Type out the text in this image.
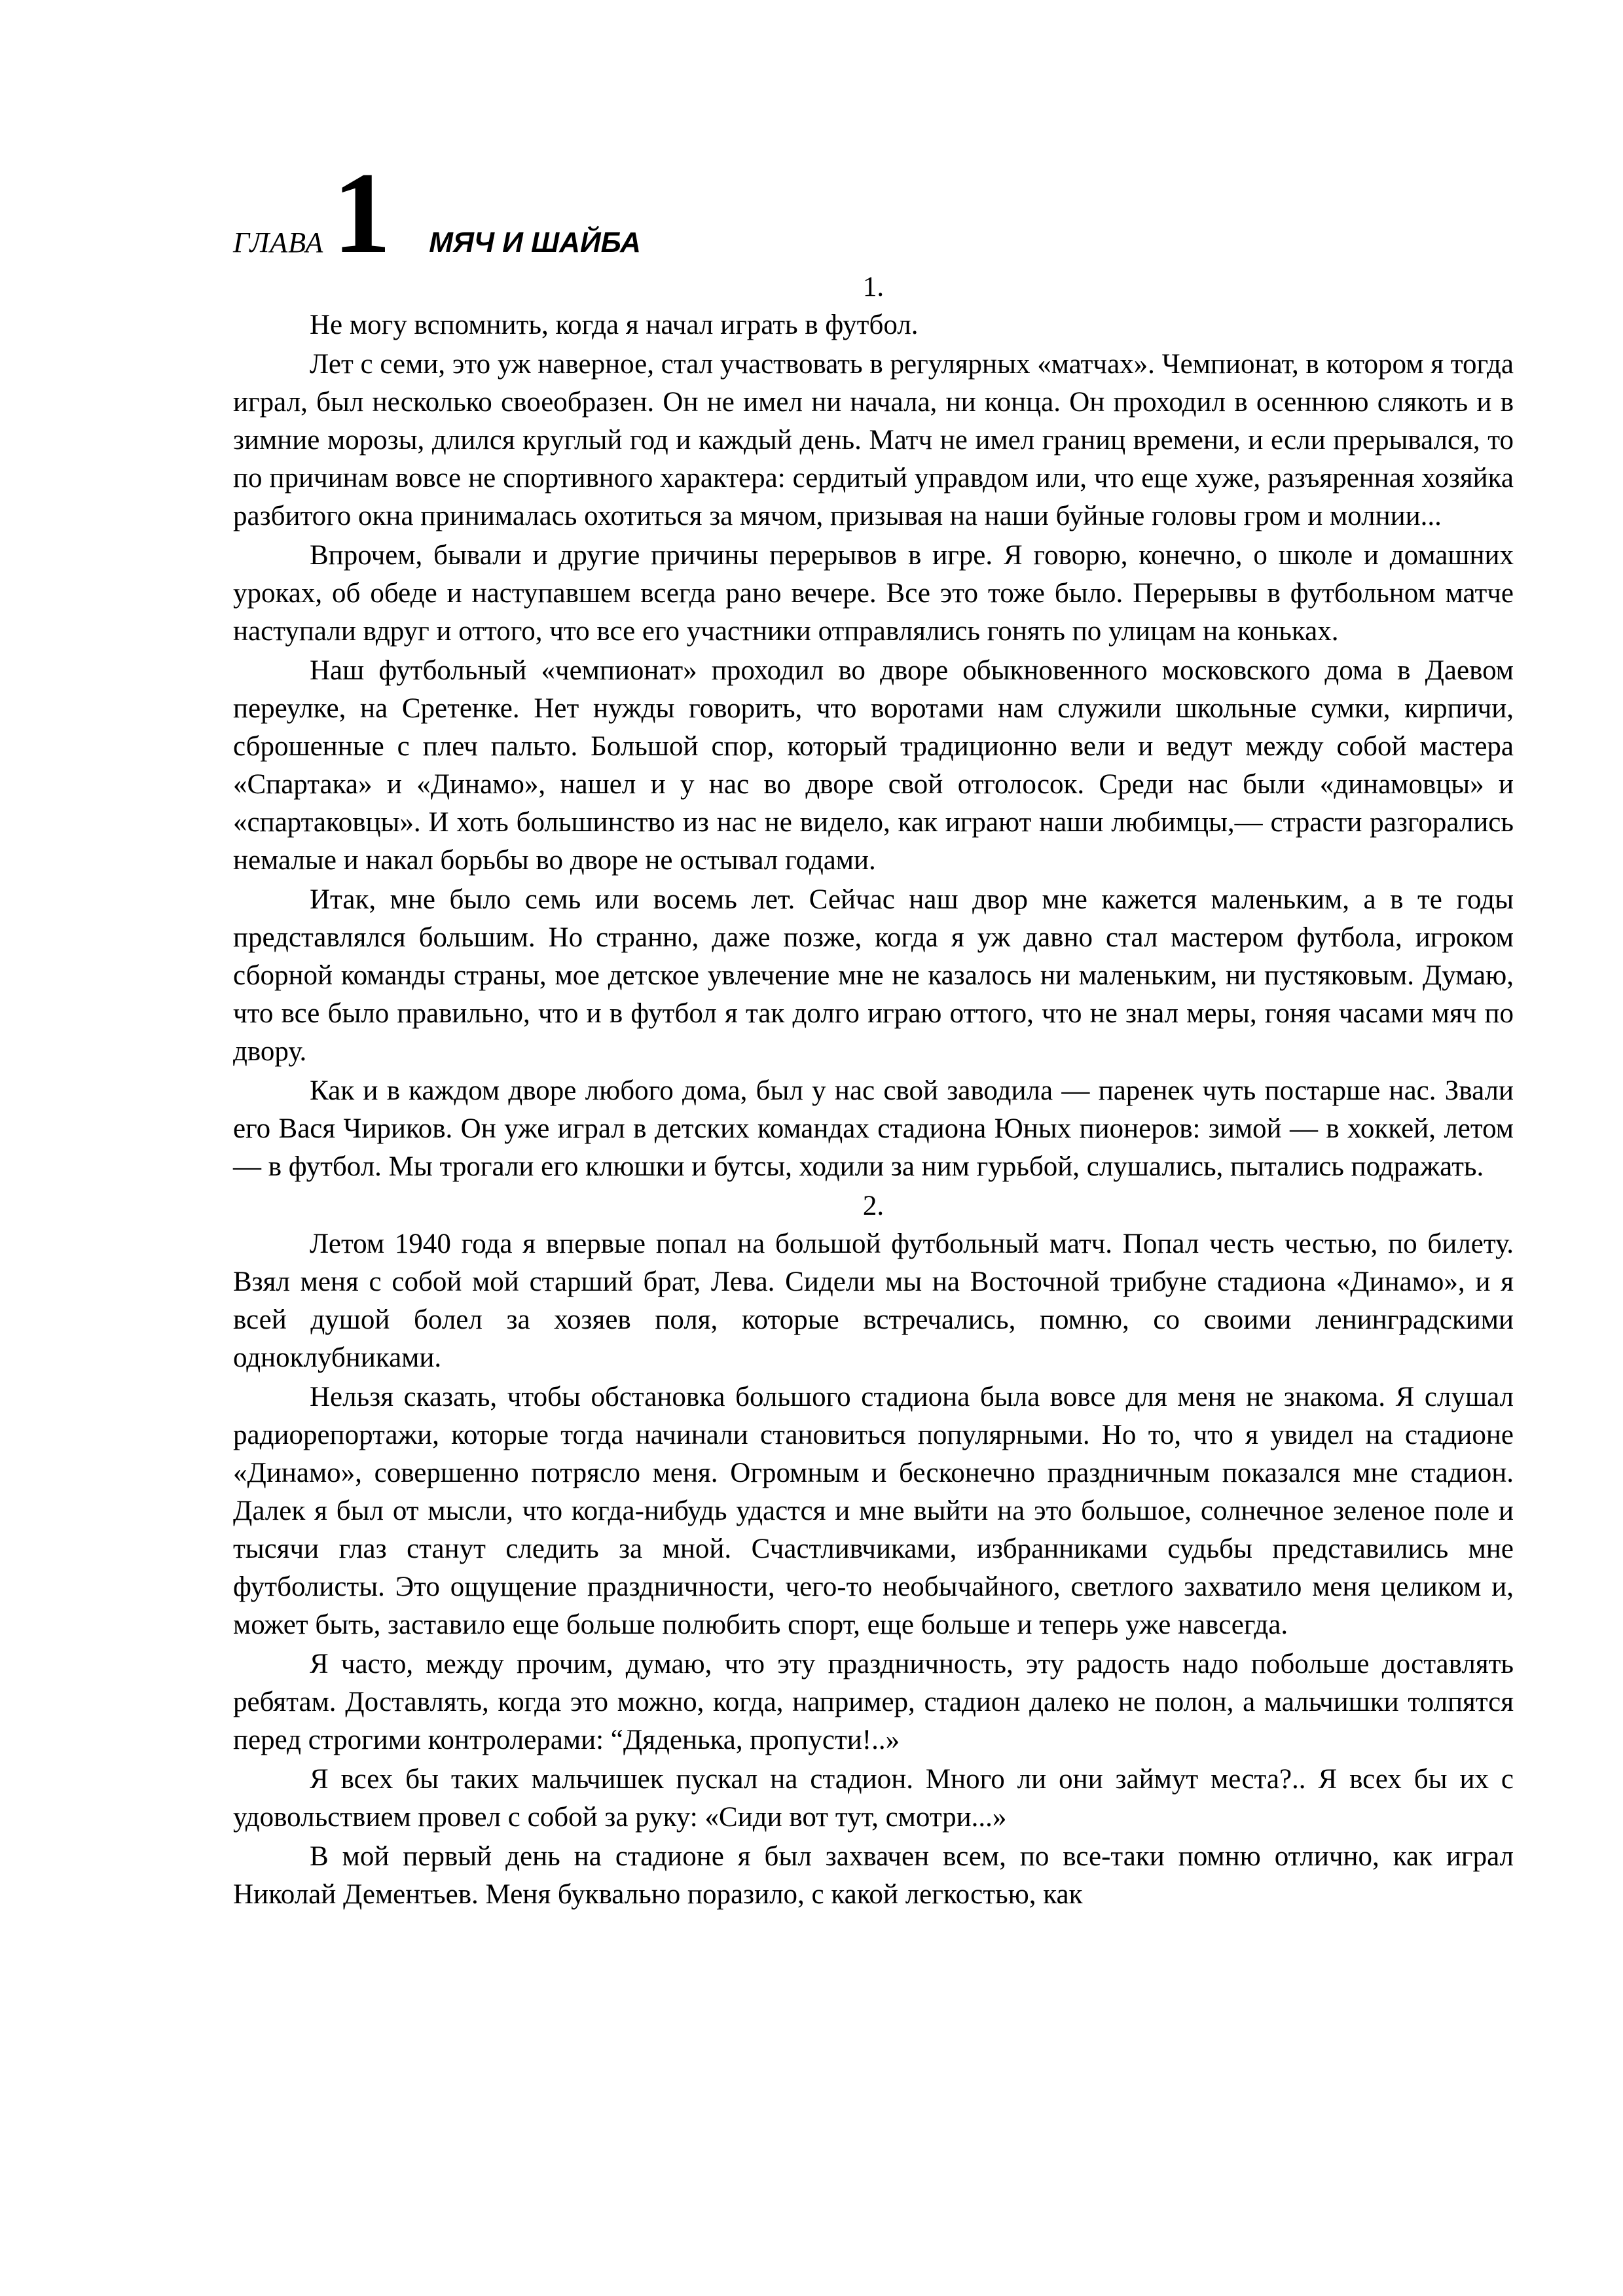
ГЛАВА 1 МЯЧ И ШАЙБА

1.

Не могу вспомнить, когда я начал играть в футбол.

Лет с семи, это уж наверное, стал участвовать в регулярных «матчах». Чемпионат, в котором я тогда играл, был несколько своеобразен. Он не имел ни начала, ни конца. Он проходил в осеннюю слякоть и в зимние морозы, длился круглый год и каждый день. Матч не имел границ времени, и если прерывался, то по причинам вовсе не спортивного характера: сердитый управдом или, что еще хуже, разъяренная хозяйка разбитого окна принималась охотиться за мячом, призывая на наши буйные головы гром и молнии...

Впрочем, бывали и другие причины перерывов в игре. Я говорю, конечно, о школе и домашних уроках, об обеде и наступавшем всегда рано вечере. Все это тоже было. Перерывы в футбольном матче наступали вдруг и оттого, что все его участники отправлялись гонять по улицам на коньках.

Наш футбольный «чемпионат» проходил во дворе обыкновенного московского дома в Даевом переулке, на Сретенке. Нет нужды говорить, что воротами нам служили школьные сумки, кирпичи, сброшенные с плеч пальто. Большой спор, который традиционно вели и ведут между собой мастера «Спартака» и «Динамо», нашел и у нас во дворе свой отголосок. Среди нас были «динамовцы» и «спартаковцы». И хоть большинство из нас не видело, как играют наши любимцы,— страсти разгорались немалые и накал борьбы во дворе не остывал годами.

Итак, мне было семь или восемь лет. Сейчас наш двор мне кажется маленьким, а в те годы представлялся большим. Но странно, даже позже, когда я уж давно стал мастером футбола, игроком сборной команды страны, мое детское увлечение мне не казалось ни маленьким, ни пустяковым. Думаю, что все было правильно, что и в футбол я так долго играю оттого, что не знал меры, гоняя часами мяч по двору.

Как и в каждом дворе любого дома, был у нас свой заводила — паренек чуть постарше нас. Звали его Вася Чириков. Он уже играл в детских командах стадиона Юных пионеров: зимой — в хоккей, летом — в футбол. Мы трогали его клюшки и бутсы, ходили за ним гурьбой, слушались, пытались подражать.

2.

Летом 1940 года я впервые попал на большой футбольный матч. Попал честь честью, по билету. Взял меня с собой мой старший брат, Лева. Сидели мы на Восточной трибуне стадиона «Динамо», и я всей душой болел за хозяев поля, которые встречались, помню, со своими ленинградскими одноклубниками.

Нельзя сказать, чтобы обстановка большого стадиона была вовсе для меня не знакома. Я слушал радиорепортажи, которые тогда начинали становиться популярными. Но то, что я увидел на стадионе «Динамо», совершенно потрясло меня. Огромным и бесконечно праздничным показался мне стадион. Далек я был от мысли, что когда-нибудь удастся и мне выйти на это большое, солнечное зеленое поле и тысячи глаз станут следить за мной. Счастливчиками, избранниками судьбы представились мне футболисты. Это ощущение праздничности, чего-то необычайного, светлого захватило меня целиком и, может быть, заставило еще больше полюбить спорт, еще больше и теперь уже навсегда.

Я часто, между прочим, думаю, что эту праздничность, эту радость надо побольше доставлять ребятам. Доставлять, когда это можно, когда, например, стадион далеко не полон, а мальчишки толпятся перед строгими контролерами: “Дяденька, пропусти!..»

Я всех бы таких мальчишек пускал на стадион. Много ли они займут места?.. Я всех бы их с удовольствием провел с собой за руку: «Сиди вот тут, смотри...»

В мой первый день на стадионе я был захвачен всем, по все-таки помню отлично, как играл Николай Дементьев. Меня буквально поразило, с какой легкостью, как
